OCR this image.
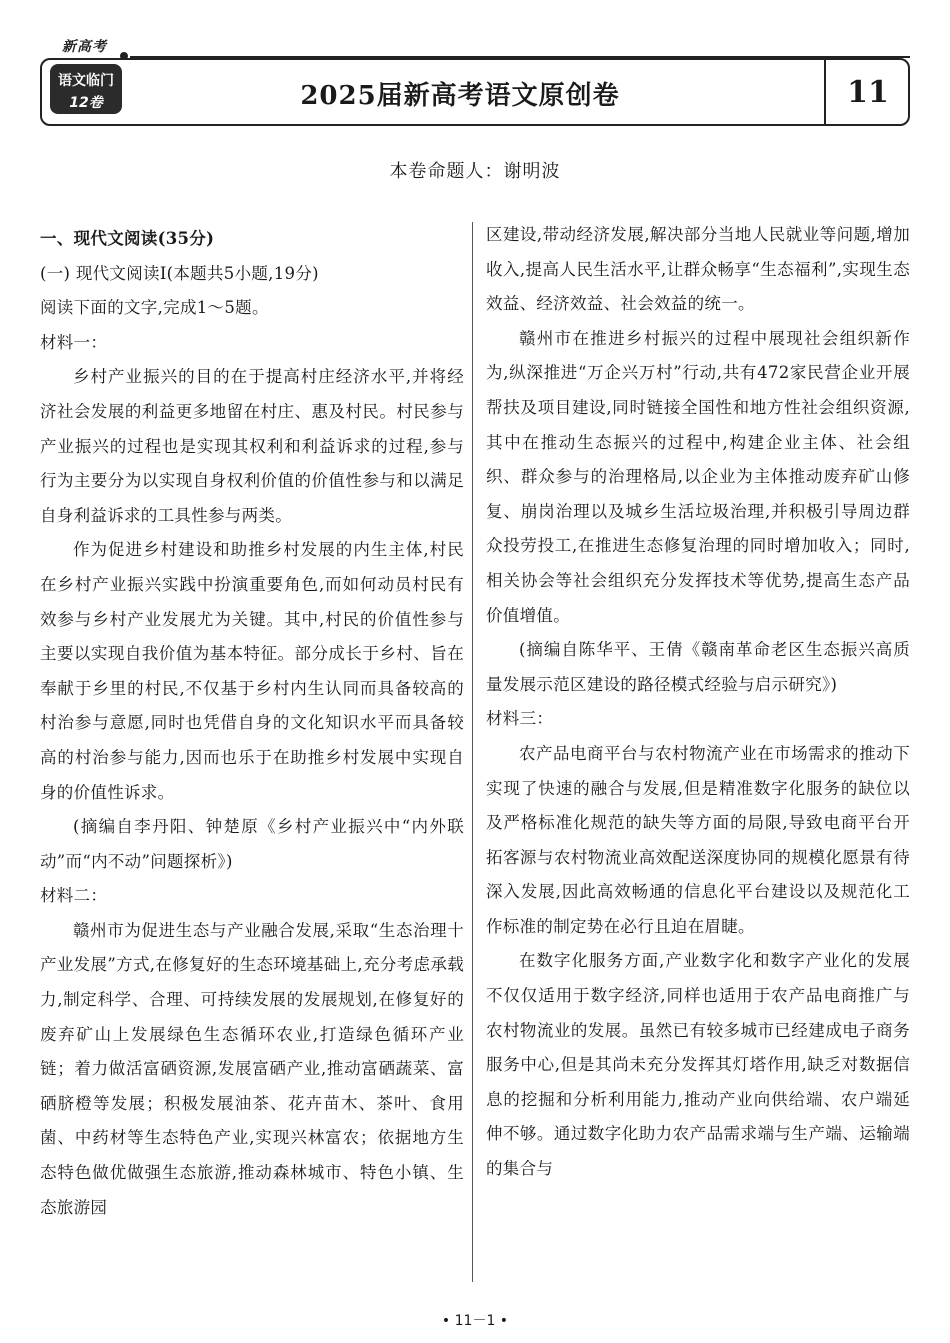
新高考
语文临门
12卷	2025届新高考语文原创卷	11
本卷命题人：谢明波

一、现代文阅读(35分)

(一) 现代文阅读Ⅰ(本题共5小题,19分)

阅读下面的文字,完成1～5题。

材料一：

乡村产业振兴的目的在于提高村庄经济水平,并将经济社会发展的利益更多地留在村庄、惠及村民。村民参与产业振兴的过程也是实现其权利和利益诉求的过程,参与行为主要分为以实现自身权利价值的价值性参与和以满足自身利益诉求的工具性参与两类。

作为促进乡村建设和助推乡村发展的内生主体,村民在乡村产业振兴实践中扮演重要角色,而如何动员村民有效参与乡村产业发展尤为关键。其中,村民的价值性参与主要以实现自我价值为基本特征。部分成长于乡村、旨在奉献于乡里的村民,不仅基于乡村内生认同而具备较高的村治参与意愿,同时也凭借自身的文化知识水平而具备较高的村治参与能力,因而也乐于在助推乡村发展中实现自身的价值性诉求。

(摘编自李丹阳、钟楚原《乡村产业振兴中“内外联动”而“内不动”问题探析》)

材料二：

赣州市为促进生态与产业融合发展,采取“生态治理十产业发展”方式,在修复好的生态环境基础上,充分考虑承载力,制定科学、合理、可持续发展的发展规划,在修复好的废弃矿山上发展绿色生态循环农业,打造绿色循环产业链；着力做活富硒资源,发展富硒产业,推动富硒蔬菜、富硒脐橙等发展；积极发展油茶、花卉苗木、茶叶、食用菌、中药材等生态特色产业,实现兴林富农；依据地方生态特色做优做强生态旅游,推动森林城市、特色小镇、生态旅游园

区建设,带动经济发展,解决部分当地人民就业等问题,增加收入,提高人民生活水平,让群众畅享“生态福利”,实现生态效益、经济效益、社会效益的统一。

赣州市在推进乡村振兴的过程中展现社会组织新作为,纵深推进“万企兴万村”行动,共有472家民营企业开展帮扶及项目建设,同时链接全国性和地方性社会组织资源,其中在推动生态振兴的过程中,构建企业主体、社会组织、群众参与的治理格局,以企业为主体推动废弃矿山修复、崩岗治理以及城乡生活垃圾治理,并积极引导周边群众投劳投工,在推进生态修复治理的同时增加收入；同时,相关协会等社会组织充分发挥技术等优势,提高生态产品价值增值。

(摘编自陈华平、王倩《赣南革命老区生态振兴高质量发展示范区建设的路径模式经验与启示研究》)

材料三：

农产品电商平台与农村物流产业在市场需求的推动下实现了快速的融合与发展,但是精准数字化服务的缺位以及严格标准化规范的缺失等方面的局限,导致电商平台开拓客源与农村物流业高效配送深度协同的规模化愿景有待深入发展,因此高效畅通的信息化平台建设以及规范化工作标准的制定势在必行且迫在眉睫。

在数字化服务方面,产业数字化和数字产业化的发展不仅仅适用于数字经济,同样也适用于农产品电商推广与农村物流业的发展。虽然已有较多城市已经建成电子商务服务中心,但是其尚未充分发挥其灯塔作用,缺乏对数据信息的挖掘和分析利用能力,推动产业向供给端、农户端延伸不够。通过数字化助力农产品需求端与生产端、运输端的集合与

• 11－1 •
